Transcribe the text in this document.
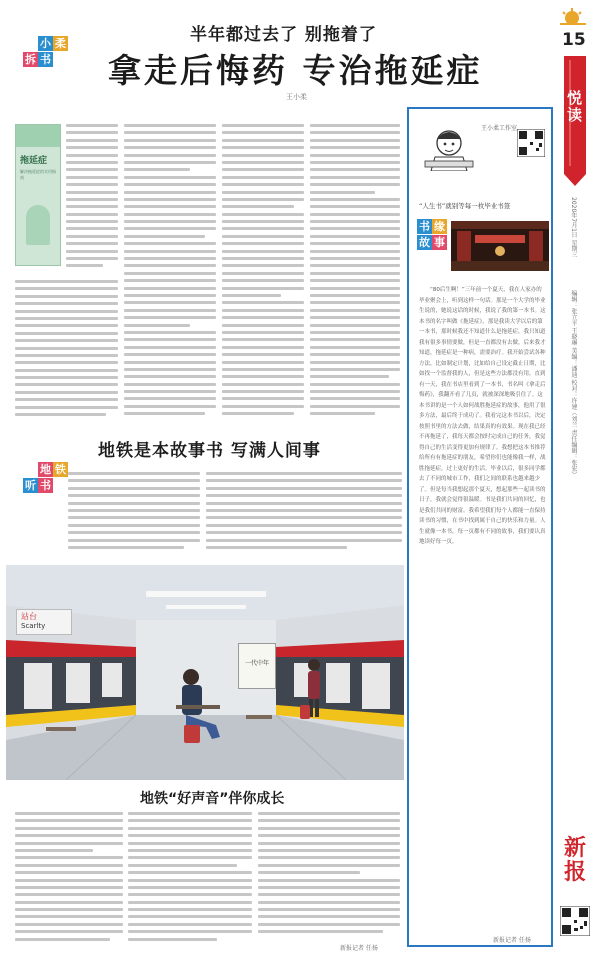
小 柔
拆 书
半年都过去了 别拖着了
拿走后悔药 专治拖延症
王小柔
15
悦读
2020年7月1日 星期三
编辑：张立平 王晓琳 美编：潘迪 校对：许建（刘兰 责任编辑：张宏）
新报
拖延症
解决拖延症的实用指南
地铁是本故事书 写满人间事
地 铁
听 书
站台
Scarlty
一代中年
地铁“好声音”伴你成长
新报记者 任扬
王小柔工作室
“人生书”就别等每一枚毕业书签
书 缘
故 事
“80后生啊！”三年前一个夏天，我在人家办的毕业聚会上，听到这样一句话。那是一个大学的毕业生说的，她说这话的时候，我说了我的第一本书。这本书的名字叫做《拖延症》，那是我读大学以后的第一本书，那时候我还不知道什么是拖延症，我只知道我有很多事情要做，但是一直都没有去做。后来我才知道，拖延症是一种病，需要治疗。我开始尝试各种方法，比如制定计划，比如给自己设定截止日期，比如找一个监督我的人，但是这些方法都没有用。直到有一天，我在书店里看到了一本书，书名叫《拿走后悔药》，我翻开看了几页，就被深深地吸引住了。这本书讲的是一个人如何战胜拖延症的故事，他用了很多方法，最后终于成功了。我看完这本书以后，决定按照书里的方法去做，结果真的有效果。现在我已经不再拖延了，我每天都会按时完成自己的任务，我觉得自己的生活变得更加有规律了。我想把这本书推荐给所有有拖延症的朋友，希望你们也能像我一样，战胜拖延症，过上更好的生活。毕业以后，很多同学都去了不同的城市工作，我们之间的联系也越来越少了。但是每当我想起那个夏天，想起那些一起读书的日子，我就会觉得很温暖。书是我们共同的回忆，也是我们共同的财富。我希望我们每个人都能一直保持读书的习惯，在书中找到属于自己的快乐和力量。人生就像一本书，每一页都有不同的故事，我们要认真地读好每一页。
新报记者 任扬
